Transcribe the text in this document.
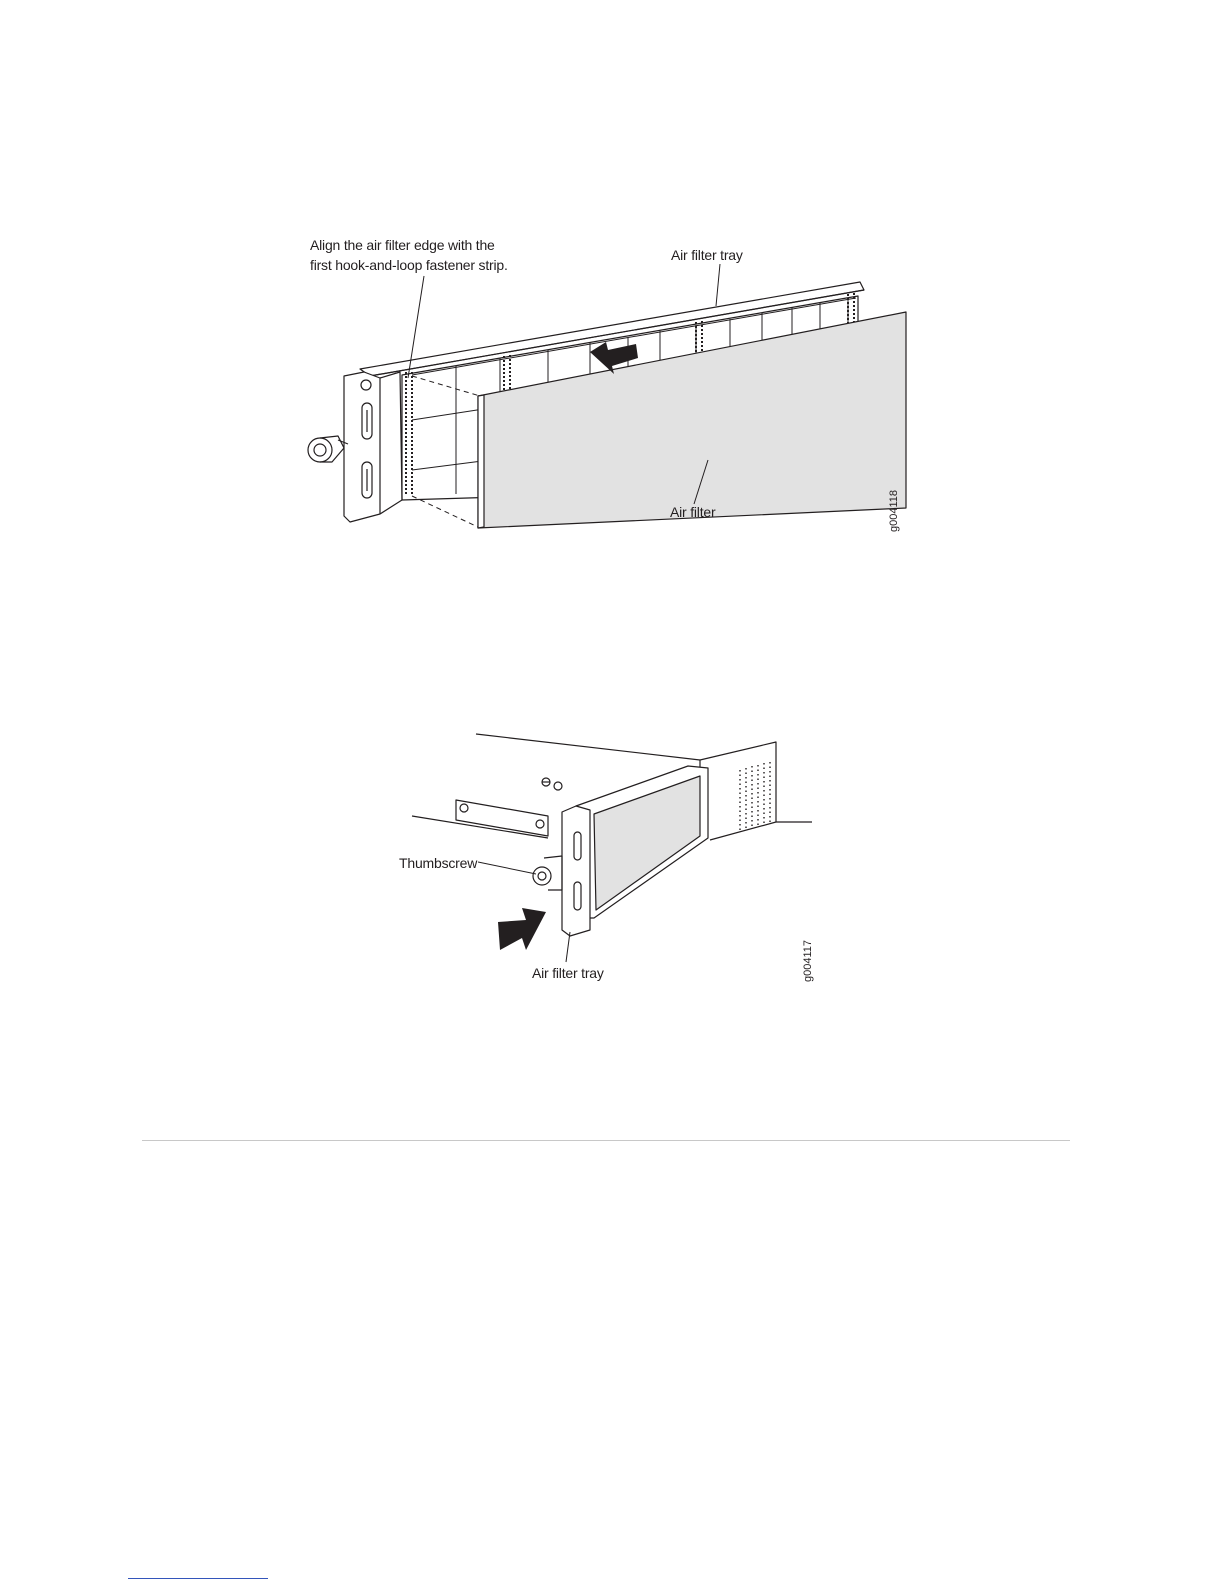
Align the air filter edge with the
first hook-and-loop fastener strip.
Air filter tray
Air filter	g004118
Thumbscrew
Air filter tray	g004117
